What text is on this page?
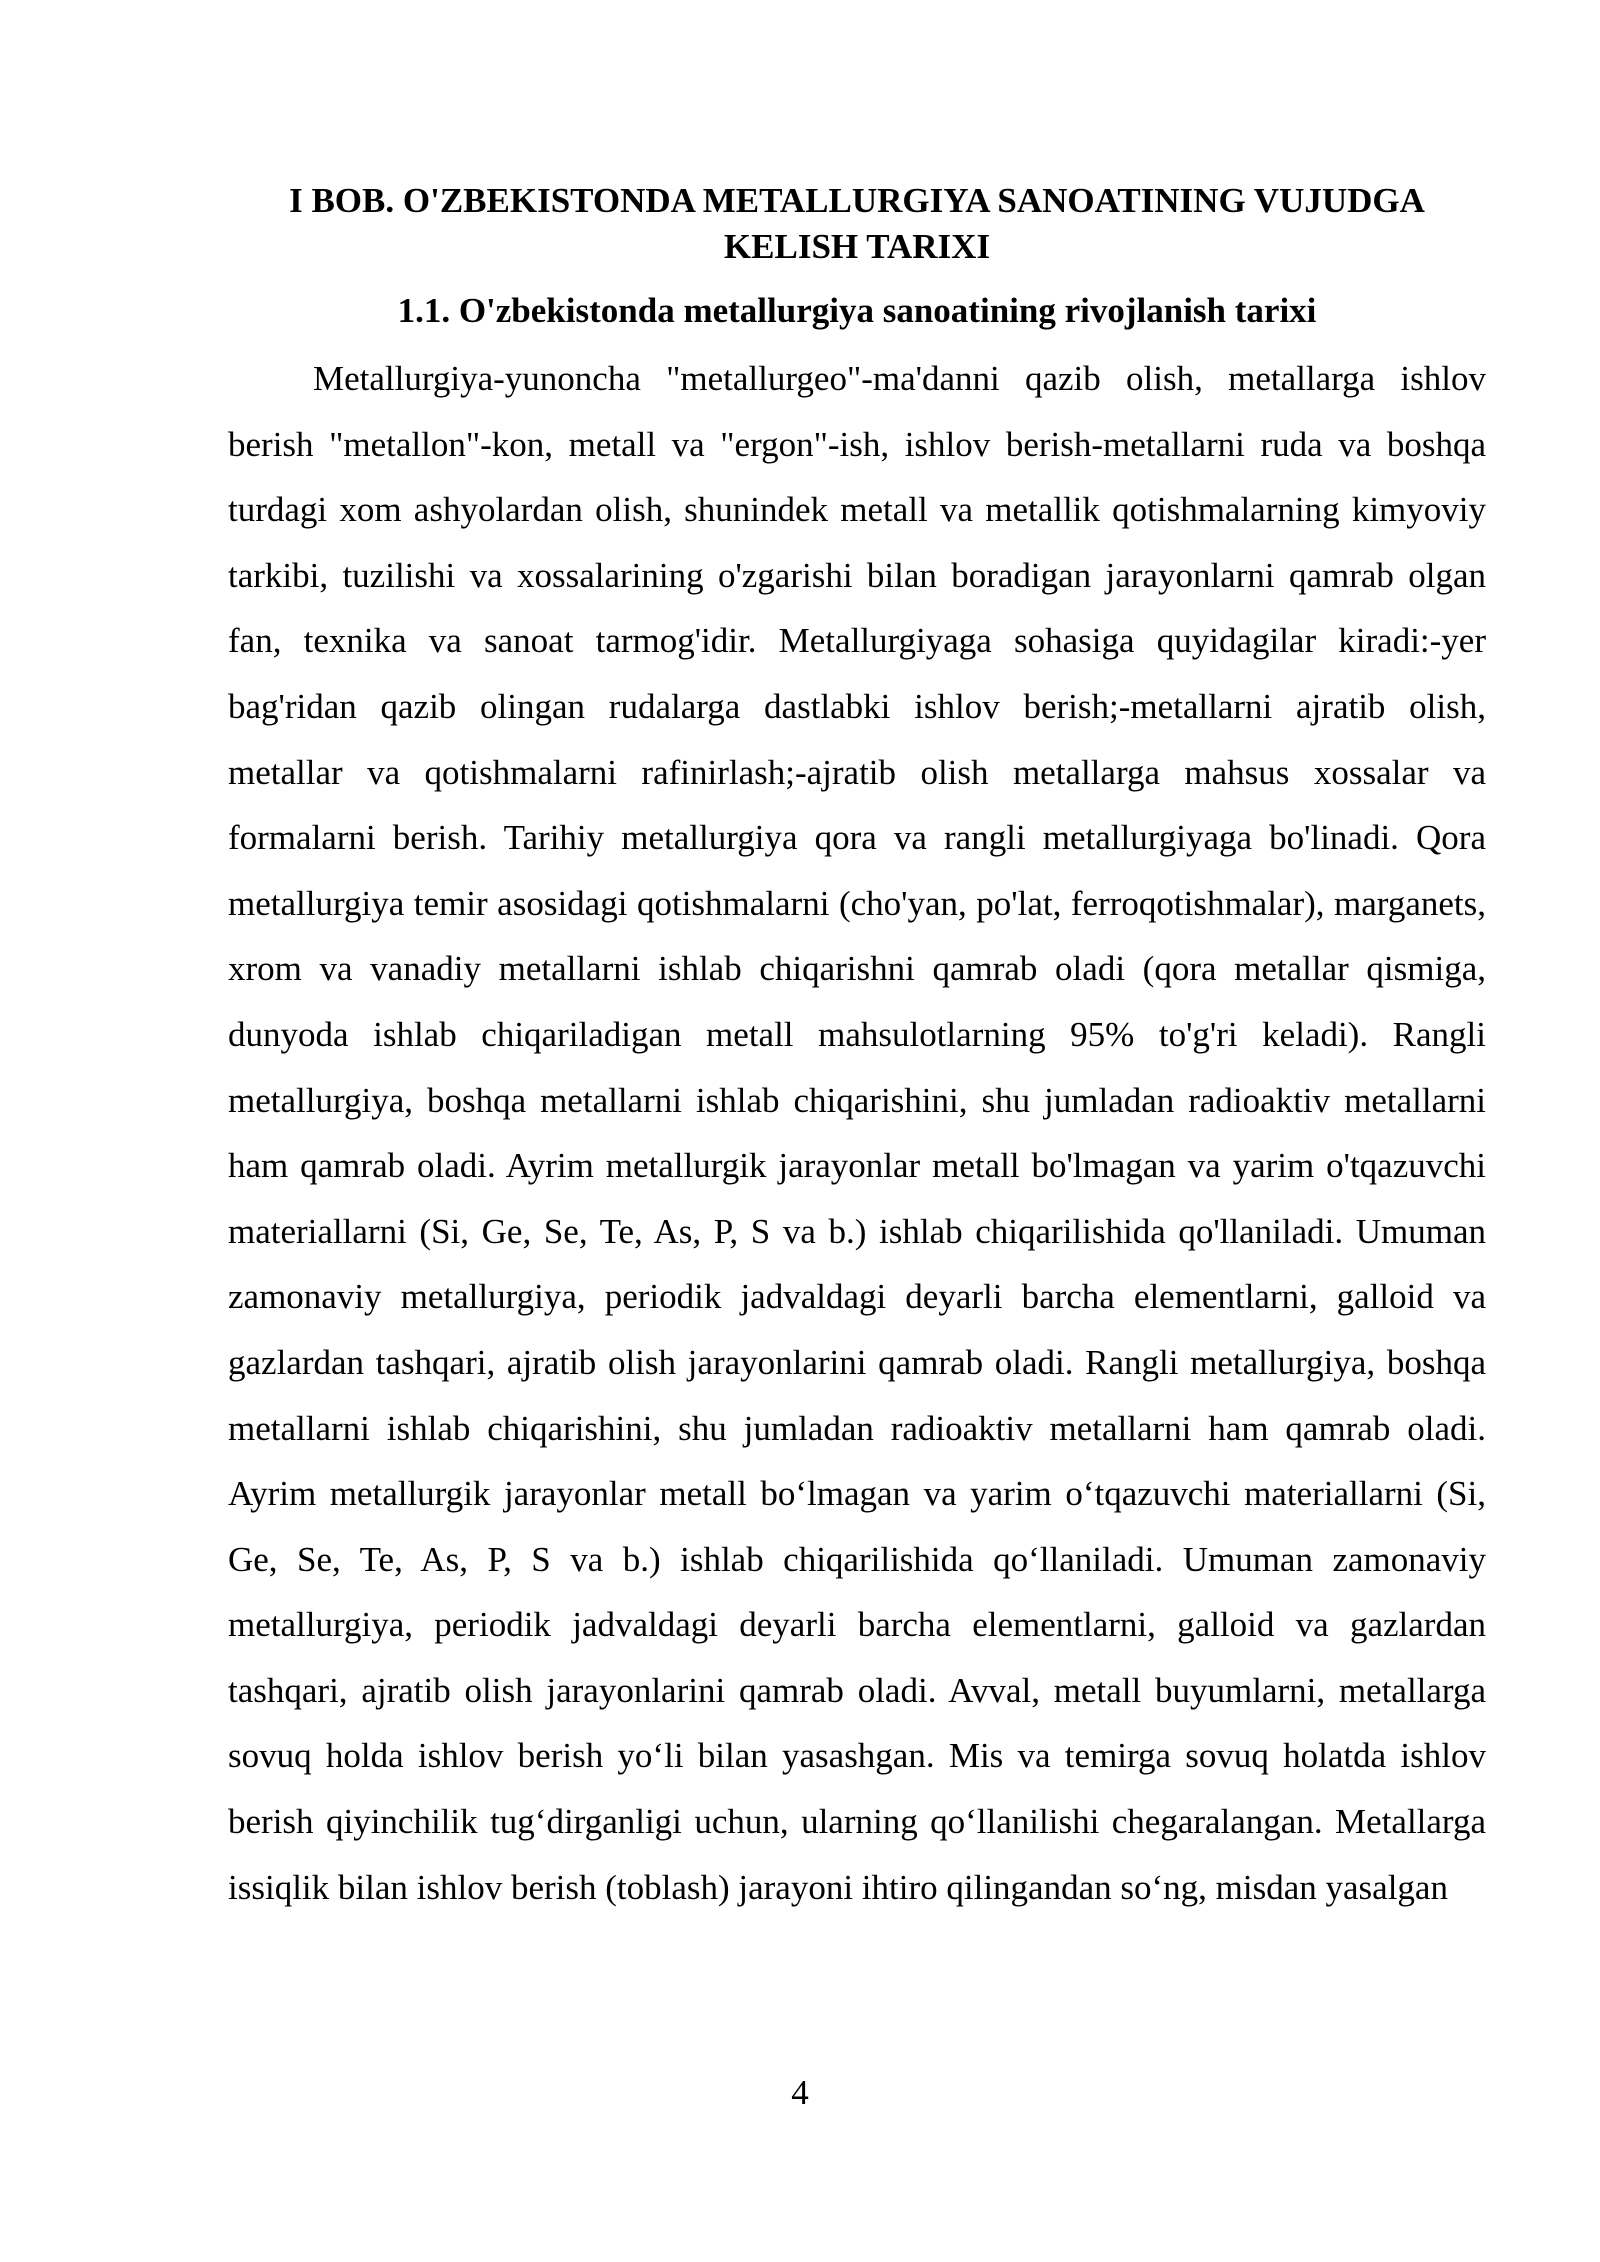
I BOB. O'ZBEKISTONDA METALLURGIYA SANOATINING VUJUDGA KELISH TARIXI
1.1. O'zbekistonda metallurgiya sanoatining rivojlanish tarixi

Metallurgiya-yunoncha "metallurgeo"-ma'danni qazib olish, metallarga ishlov berish "metallon"-kon, metall va "ergon"-ish, ishlov berish-metallarni ruda va boshqa turdagi xom ashyolardan olish, shunindek metall va metallik qotishmalarning kimyoviy tarkibi, tuzilishi va xossalarining o'zgarishi bilan boradigan jarayonlarni qamrab olgan fan, texnika va sanoat tarmog'idir. Metallurgiyaga sohasiga quyidagilar kiradi:-yer bag'ridan qazib olingan rudalarga dastlabki ishlov berish;-metallarni ajratib olish, metallar va qotishmalarni rafinirlash;-ajratib olish metallarga mahsus xossalar va formalarni berish. Tarihiy metallurgiya qora va rangli metallurgiyaga bo'linadi. Qora metallurgiya temir asosidagi qotishmalarni (cho'yan, po'lat, ferroqotishmalar), marganets, xrom va vanadiy metallarni ishlab chiqarishni qamrab oladi (qora metallar qismiga, dunyoda ishlab chiqariladigan metall mahsulotlarning 95% to'g'ri keladi). Rangli metallurgiya, boshqa metallarni ishlab chiqarishini, shu jumladan radioaktiv metallarni ham qamrab oladi. Ayrim metallurgik jarayonlar metall bo'lmagan va yarim o'tqazuvchi materiallarni (Si, Ge, Se, Te, As, P, S va b.) ishlab chiqarilishida qo'llaniladi. Umuman zamonaviy metallurgiya, periodik jadvaldagi deyarli barcha elementlarni, galloid va gazlardan tashqari, ajratib olish jarayonlarini qamrab oladi. Rangli metallurgiya, boshqa metallarni ishlab chiqarishini, shu jumladan radioaktiv metallarni ham qamrab oladi. Ayrim metallurgik jarayonlar metall bo‘lmagan va yarim o‘tqazuvchi materiallarni (Si, Ge, Se, Te, As, P, S va b.) ishlab chiqarilishida qo‘llaniladi. Umuman zamonaviy metallurgiya, periodik jadvaldagi deyarli barcha elementlarni, galloid va gazlardan tashqari, ajratib olish jarayonlarini qamrab oladi. Avval, metall buyumlarni, metallarga sovuq holda ishlov berish yo‘li bilan yasashgan. Mis va temirga sovuq holatda ishlov berish qiyinchilik tug‘dirganligi uchun, ularning qo‘llanilishi chegaralangan. Metallarga issiqlik bilan ishlov berish (toblash) jarayoni ihtiro qilingandan so‘ng, misdan yasalgan

4
